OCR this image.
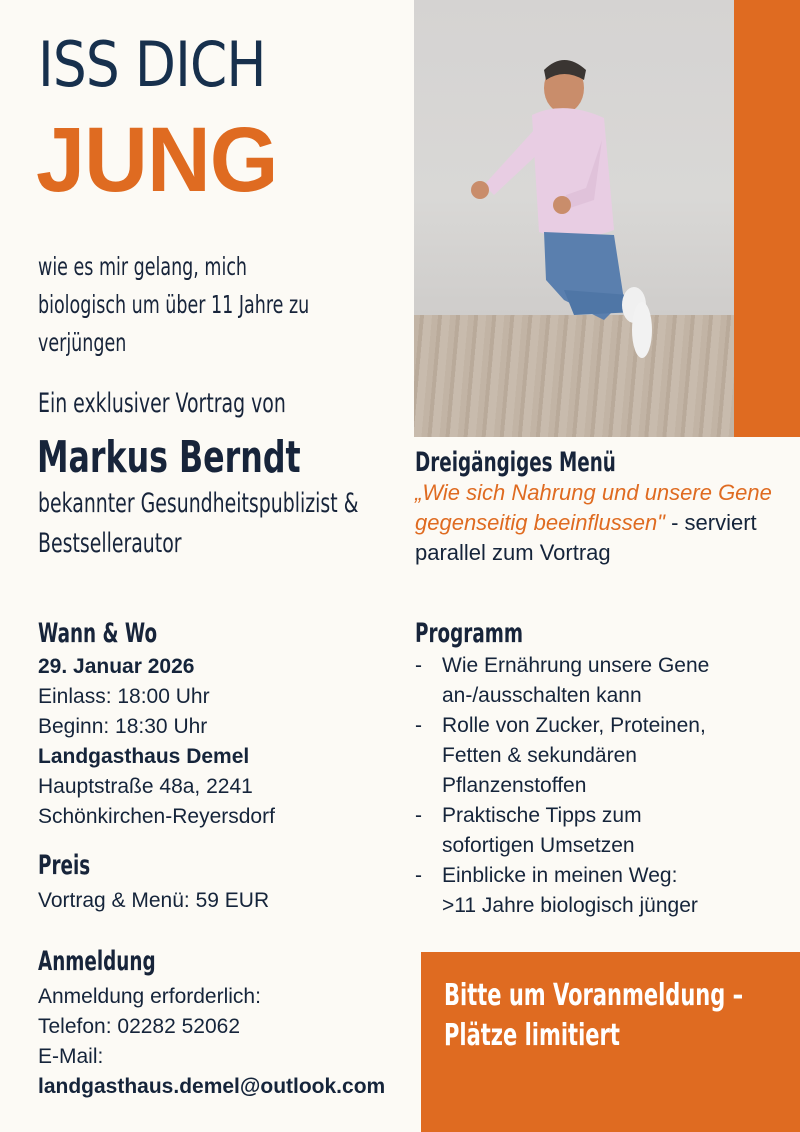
ISS DICH
JUNG
wie es mir gelang, mich
biologisch um über 11 Jahre zu
verjüngen
Ein exklusiver Vortrag von
Markus Berndt
bekannter Gesundheitspublizist &
Bestsellerautor
Dreigängiges Menü
„Wie sich Nahrung und unsere Gene gegenseitig beeinflussen" - serviert parallel zum Vortrag
Wann & Wo
29. Januar 2026
Einlass: 18:00 Uhr
Beginn: 18:30 Uhr
Landgasthaus Demel
Hauptstraße 48a, 2241
Schönkirchen-Reyersdorf
Preis
Vortrag & Menü: 59 EUR
Anmeldung
Anmeldung erforderlich:
Telefon: 02282 52062
E-Mail:
landgasthaus.demel@outlook.com
Programm
- Wie Ernährung unsere Gene
an-/ausschalten kann
- Rolle von Zucker, Proteinen,
Fetten & sekundären
Pflanzenstoffen
- Praktische Tipps zum
sofortigen Umsetzen
- Einblicke in meinen Weg:
>11 Jahre biologisch jünger
Bitte um Voranmeldung –
Plätze limitiert
